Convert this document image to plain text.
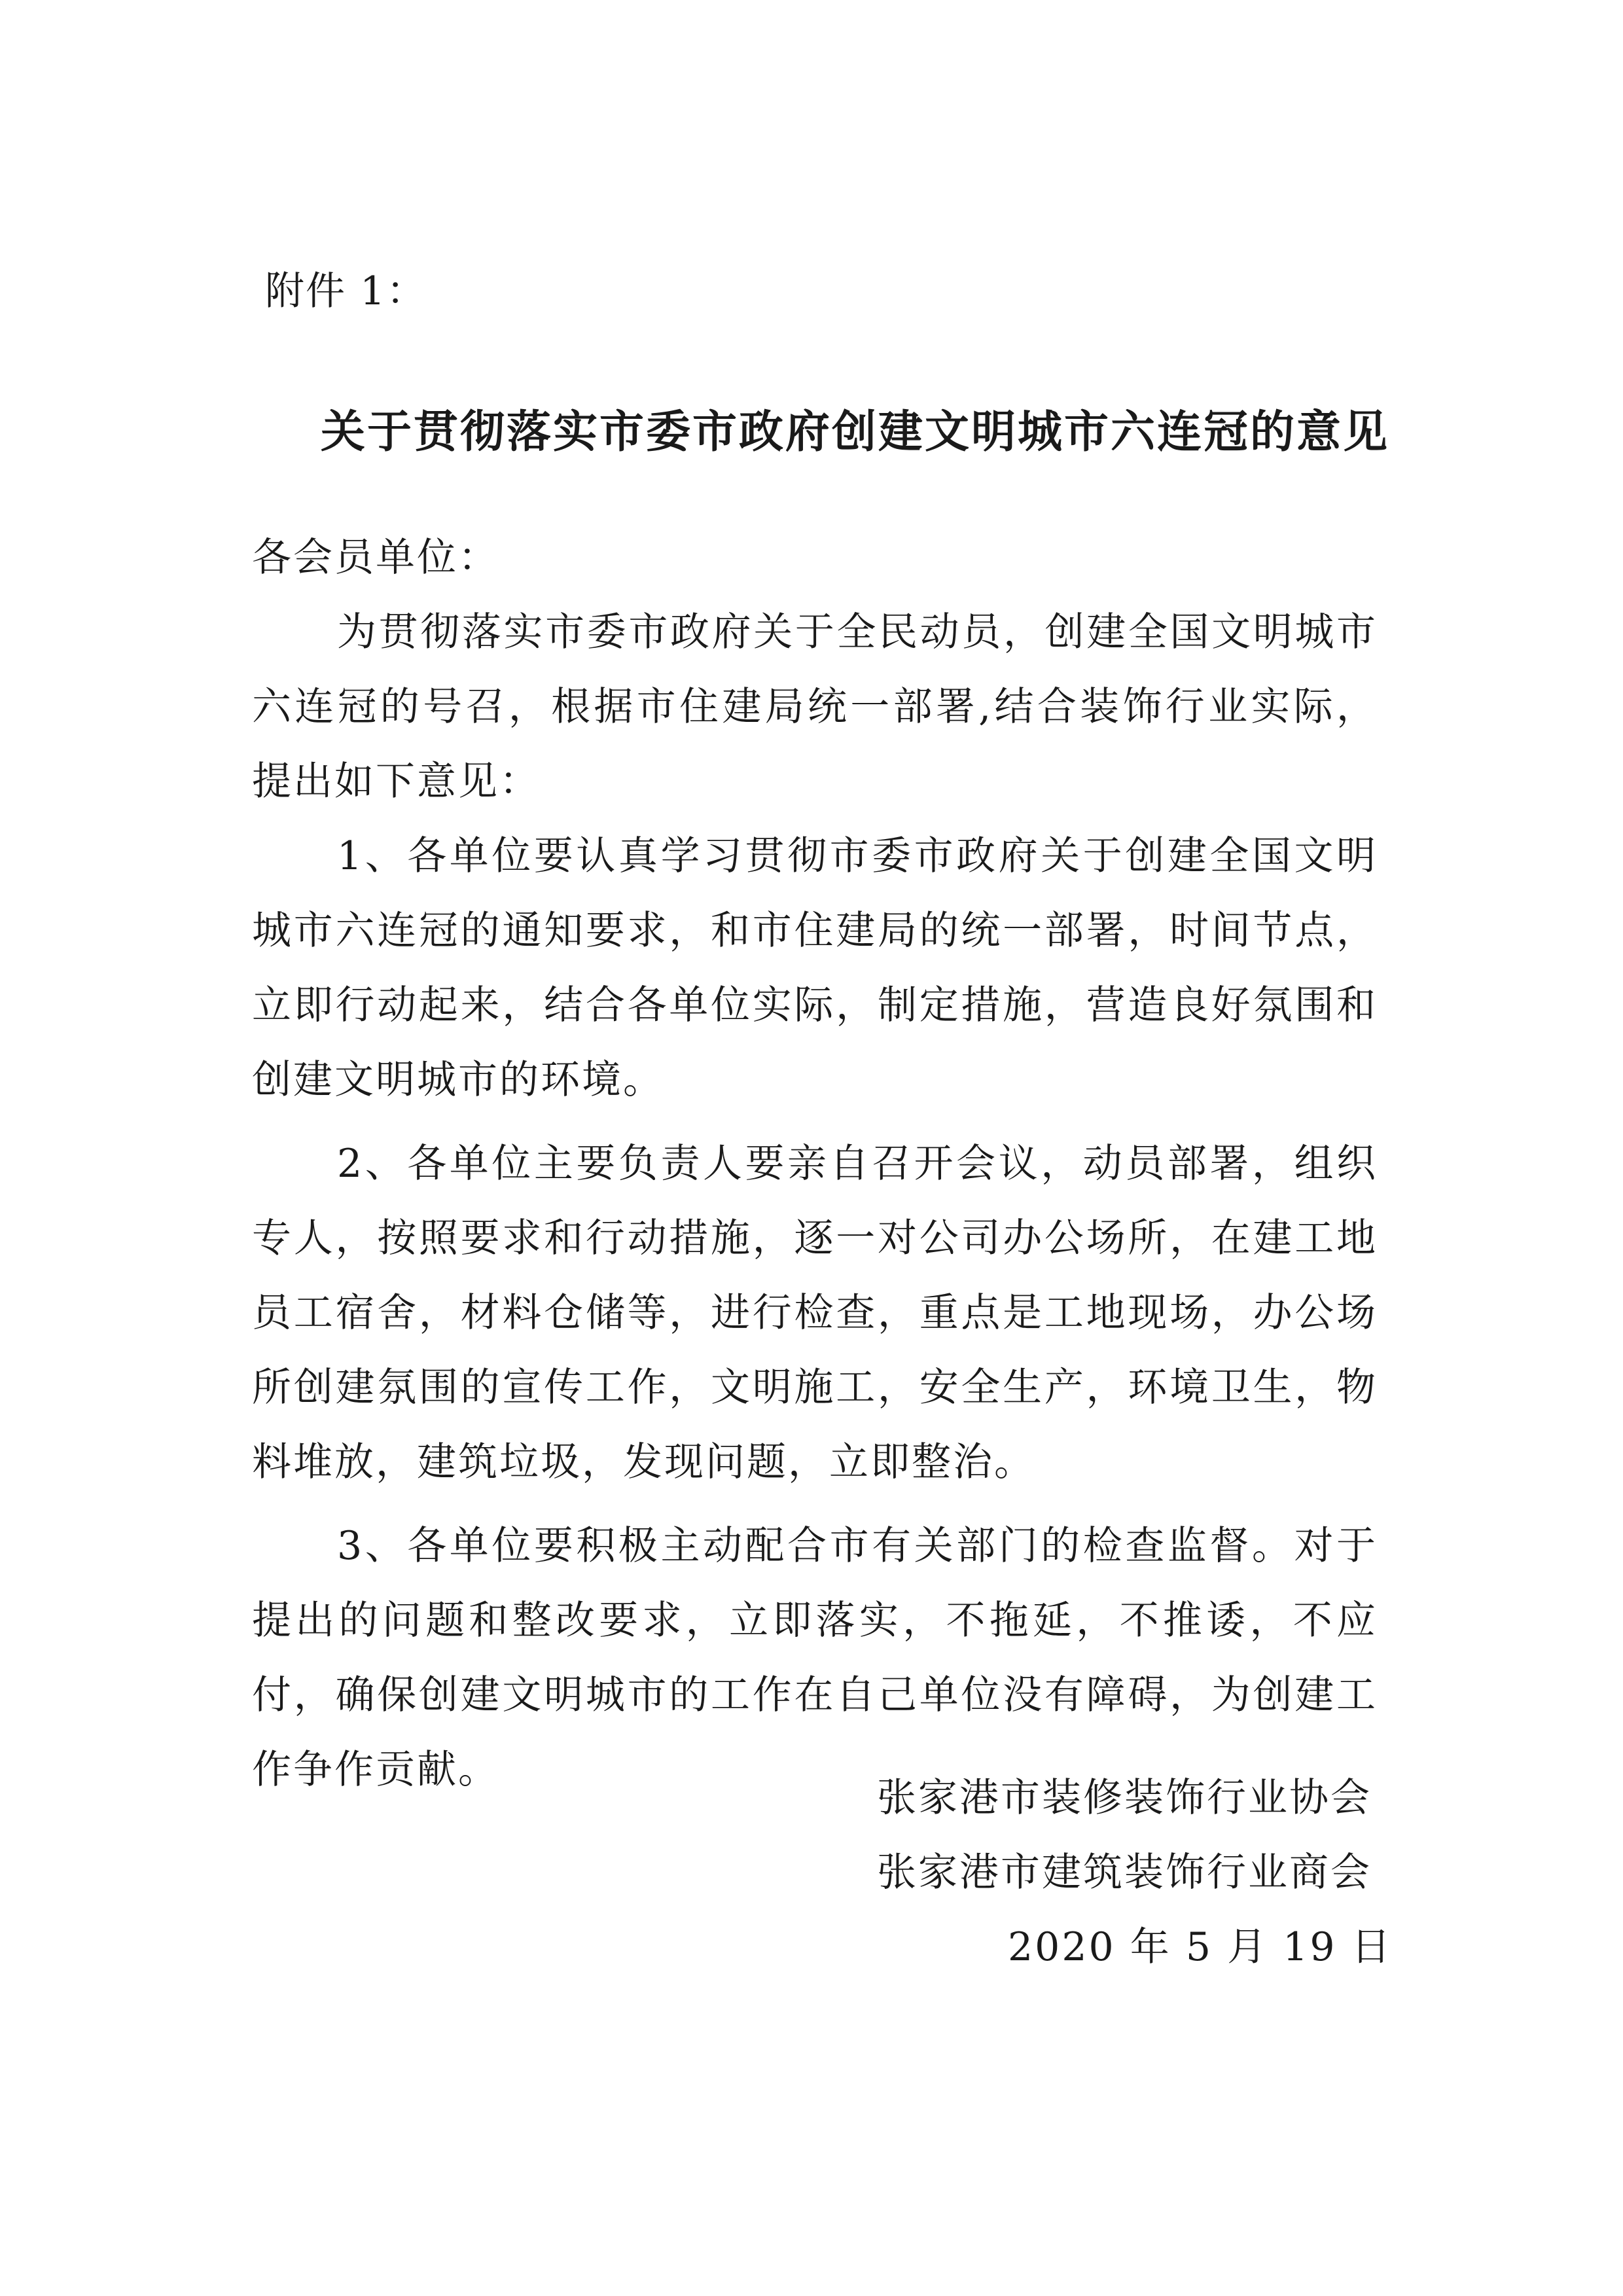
附件 1：
关于贯彻落实市委市政府创建文明城市六连冠的意见

各会员单位：

为贯彻落实市委市政府关于全民动员，创建全国文明城市六连冠的号召，根据市住建局统一部署,结合装饰行业实际，提出如下意见：

1、各单位要认真学习贯彻市委市政府关于创建全国文明城市六连冠的通知要求，和市住建局的统一部署，时间节点，立即行动起来，结合各单位实际，制定措施，营造良好氛围和创建文明城市的环境。

2、各单位主要负责人要亲自召开会议，动员部署，组织专人，按照要求和行动措施，逐一对公司办公场所，在建工地员工宿舍，材料仓储等，进行检查，重点是工地现场，办公场所创建氛围的宣传工作，文明施工，安全生产，环境卫生，物料堆放，建筑垃圾，发现问题，立即整治。

3、各单位要积极主动配合市有关部门的检查监督。对于提出的问题和整改要求，立即落实，不拖延，不推诿，不应付，确保创建文明城市的工作在自己单位没有障碍，为创建工作争作贡献。

张家港市装修装饰行业协会
张家港市建筑装饰行业商会
2020 年 5 月 19 日
